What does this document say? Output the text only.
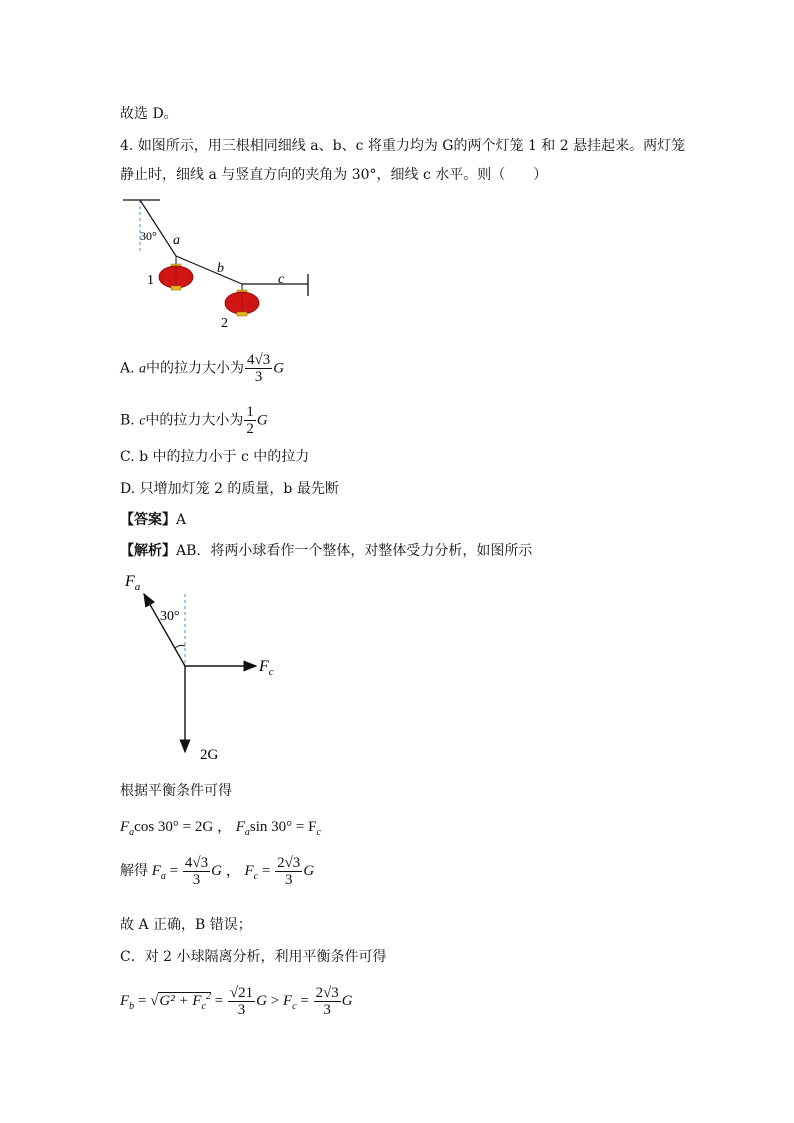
故选 D。
4. 如图所示，用三根相同细线 a、b、c 将重力均为 G的两个灯笼 1 和 2 悬挂起来。两灯笼
静止时，细线 a 与竖直方向的夹角为 30°，细线 c 水平。则（　　）
30° a
b
c
1
2
A. a中的拉力大小为 $\frac{4√3}{3}$ G
B. c中的拉力大小为 $\frac{1}{2}$ G
C. b 中的拉力小于 c 中的拉力
D. 只增加灯笼 2 的质量，b 最先断
【答案】A
【解析】AB．将两小球看作一个整体，对整体受力分析，如图所示
30°
$F_a$
$F_c$
2G
根据平衡条件可得
$F_a\cos$ 30° = 2G ， $F_a\sin$ $30^\circ = F_c$
解得 $F_a = \frac{4√3}{3}$ G ， $F_c = \frac{2√3}{3}$ G
故 A 正确，B 错误；
C．对 2 小球隔离分析，利用平衡条件可得
$F_b = √G^2 + F_c^2 = \frac{√21}{3}$ $G > F_c = \frac{2√3}{3}$ G
